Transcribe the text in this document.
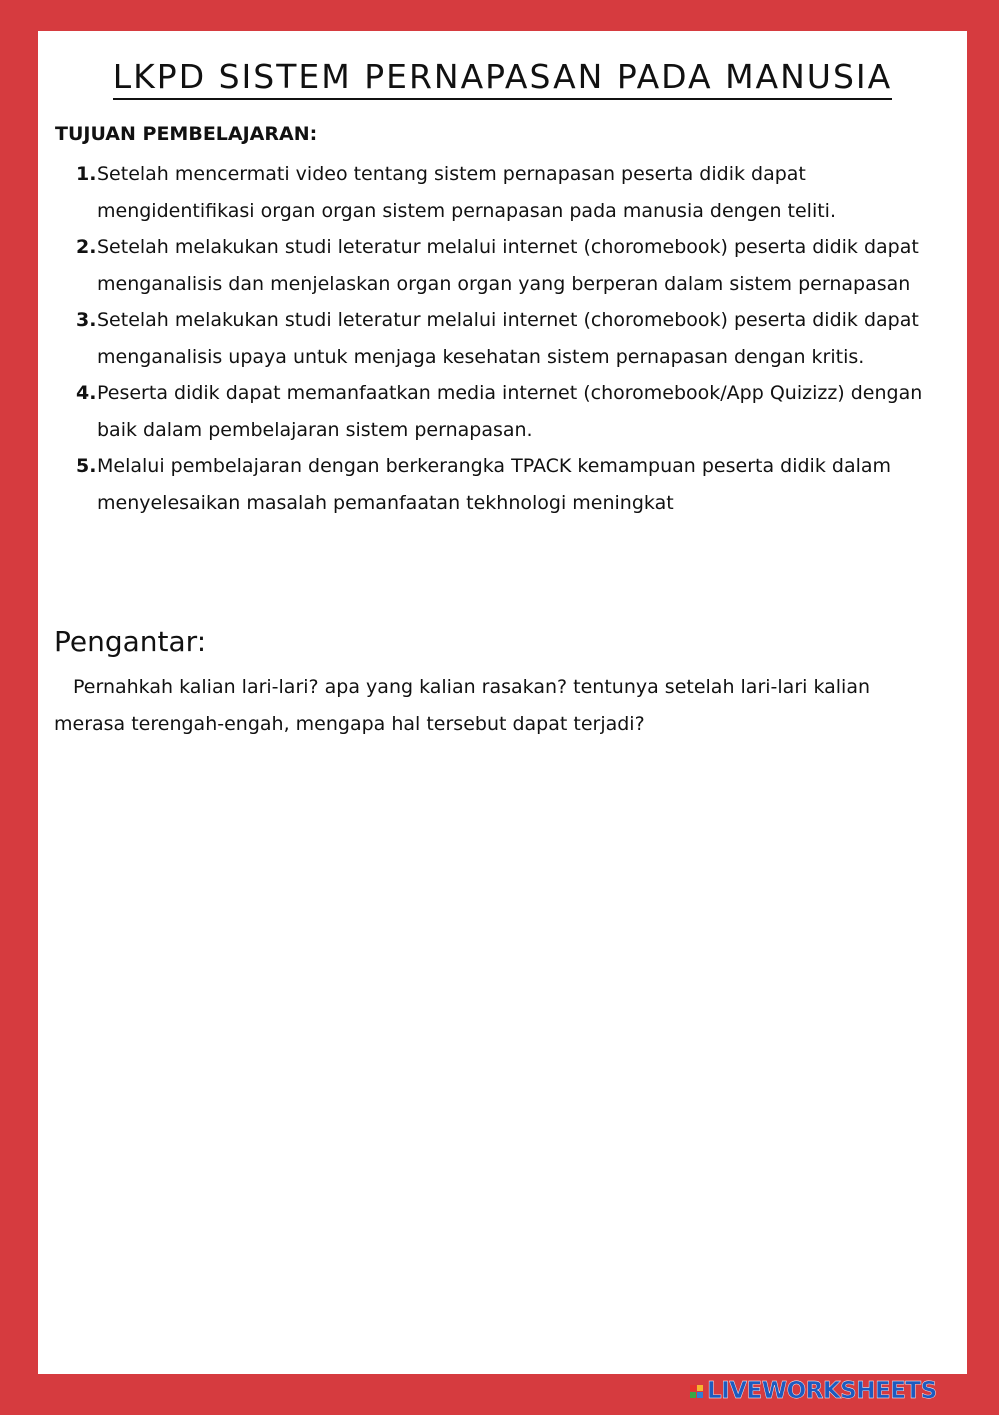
LKPD SISTEM PERNAPASAN PADA MANUSIA
TUJUAN PEMBELAJARAN:
1. Setelah mencermati video tentang sistem pernapasan peserta didik dapat mengidentifikasi organ organ sistem pernapasan pada manusia dengen teliti.
2. Setelah melakukan studi leteratur melalui internet (choromebook) peserta didik dapat menganalisis dan menjelaskan organ organ yang berperan dalam sistem pernapasan
3. Setelah melakukan studi leteratur melalui internet (choromebook) peserta didik dapat menganalisis upaya untuk menjaga kesehatan sistem pernapasan dengan kritis.
4. Peserta didik dapat memanfaatkan media internet (choromebook/App Quizizz) dengan baik dalam pembelajaran sistem pernapasan.
5. Melalui pembelajaran dengan berkerangka TPACK kemampuan peserta didik dalam menyelesaikan masalah pemanfaatan tekhnologi meningkat
Pengantar:

Pernahkah kalian lari-lari? apa yang kalian rasakan? tentunya setelah lari-lari kalian merasa terengah-engah, mengapa hal tersebut dapat terjadi?

LIVEWORKSHEETS
